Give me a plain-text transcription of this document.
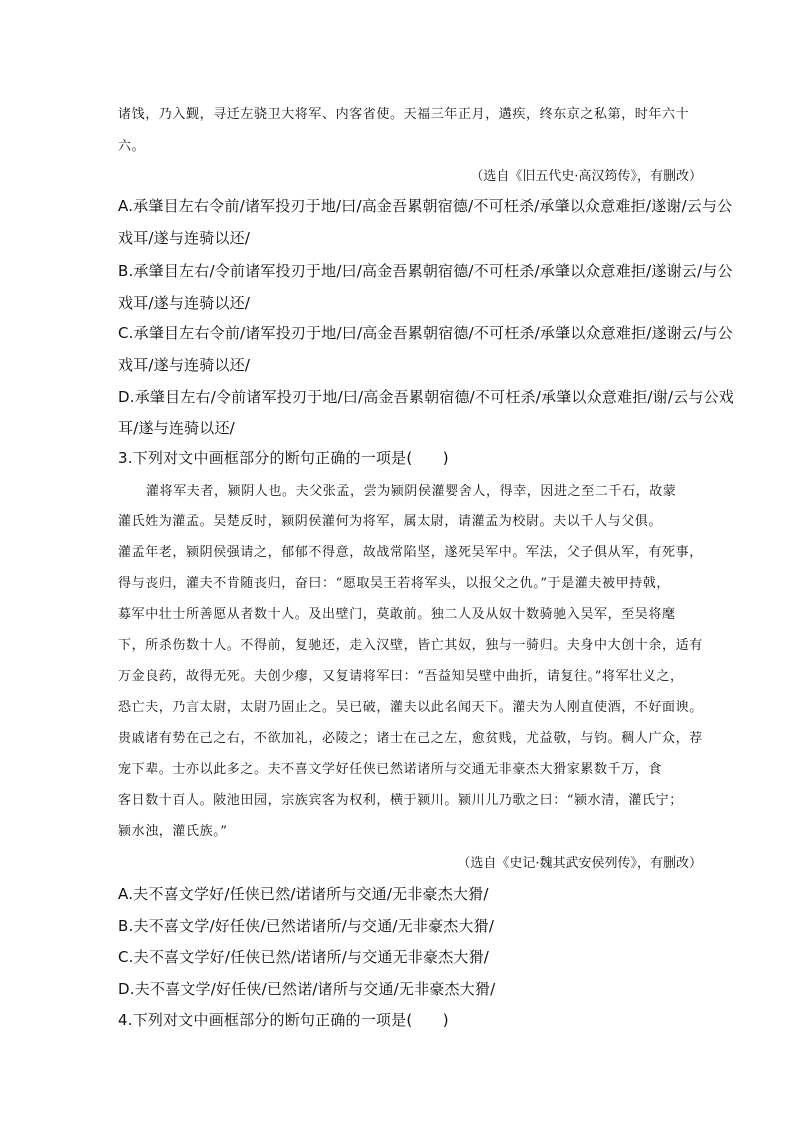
诸饯，乃入觐，寻迁左骁卫大将军、内客省使。天福三年正月，遘疾，终东京之私第，时年六十
六。
（选自《旧五代史·高汉筠传》，有删改）
A.承肇目左右令前/诸军投刃于地/曰/高金吾累朝宿德/不可枉杀/承肇以众意难拒/遂谢/云与公
戏耳/遂与连骑以还/
B.承肇目左右/令前诸军投刃于地/曰/高金吾累朝宿德/不可枉杀/承肇以众意难拒/遂谢云/与公
戏耳/遂与连骑以还/
C.承肇目左右令前/诸军投刃于地/曰/高金吾累朝宿德/不可枉杀/承肇以众意难拒/遂谢云/与公
戏耳/遂与连骑以还/
D.承肇目左右/令前诸军投刃于地/曰/高金吾累朝宿德/不可枉杀/承肇以众意难拒/谢/云与公戏
耳/遂与连骑以还/
3.下列对文中画框部分的断句正确的一项是(　　)
灌将军夫者，颍阴人也。夫父张孟，尝为颍阴侯灌婴舍人，得幸，因进之至二千石，故蒙
灌氏姓为灌孟。吴楚反时，颍阴侯灌何为将军，属太尉，请灌孟为校尉。夫以千人与父俱。
灌孟年老，颍阴侯强请之，郁郁不得意，故战常陷坚，遂死吴军中。军法，父子俱从军，有死事，
得与丧归，灌夫不肯随丧归，奋曰：“愿取吴王若将军头，以报父之仇。”于是灌夫被甲持戟，
募军中壮士所善愿从者数十人。及出壁门，莫敢前。独二人及从奴十数骑驰入吴军，至吴将麾
下，所杀伤数十人。不得前，复驰还，走入汉壁，皆亡其奴，独与一骑归。夫身中大创十余，适有
万金良药，故得无死。夫创少瘳，又复请将军曰：“吾益知吴壁中曲折，请复往。”将军壮义之，
恐亡夫，乃言太尉，太尉乃固止之。吴已破，灌夫以此名闻天下。灌夫为人刚直使酒，不好面谀。
贵戚诸有势在己之右，不欲加礼，必陵之；诸士在己之左，愈贫贱，尤益敬，与钧。稠人广众，荐
宠下辈。士亦以此多之。夫不喜文学好任侠已然诺诸所与交通无非豪杰大猾家累数千万，食
客日数十百人。陂池田园，宗族宾客为权利，横于颍川。颍川儿乃歌之曰：“颍水清，灌氏宁；
颍水浊，灌氏族。”
（选自《史记·魏其武安侯列传》，有删改）
A.夫不喜文学好/任侠已然/诺诸所与交通/无非豪杰大猾/
B.夫不喜文学/好任侠/已然诺诸所/与交通/无非豪杰大猾/
C.夫不喜文学好/任侠已然/诺诸所/与交通无非豪杰大猾/
D.夫不喜文学/好任侠/已然诺/诸所与交通/无非豪杰大猾/
4.下列对文中画框部分的断句正确的一项是(　　)
